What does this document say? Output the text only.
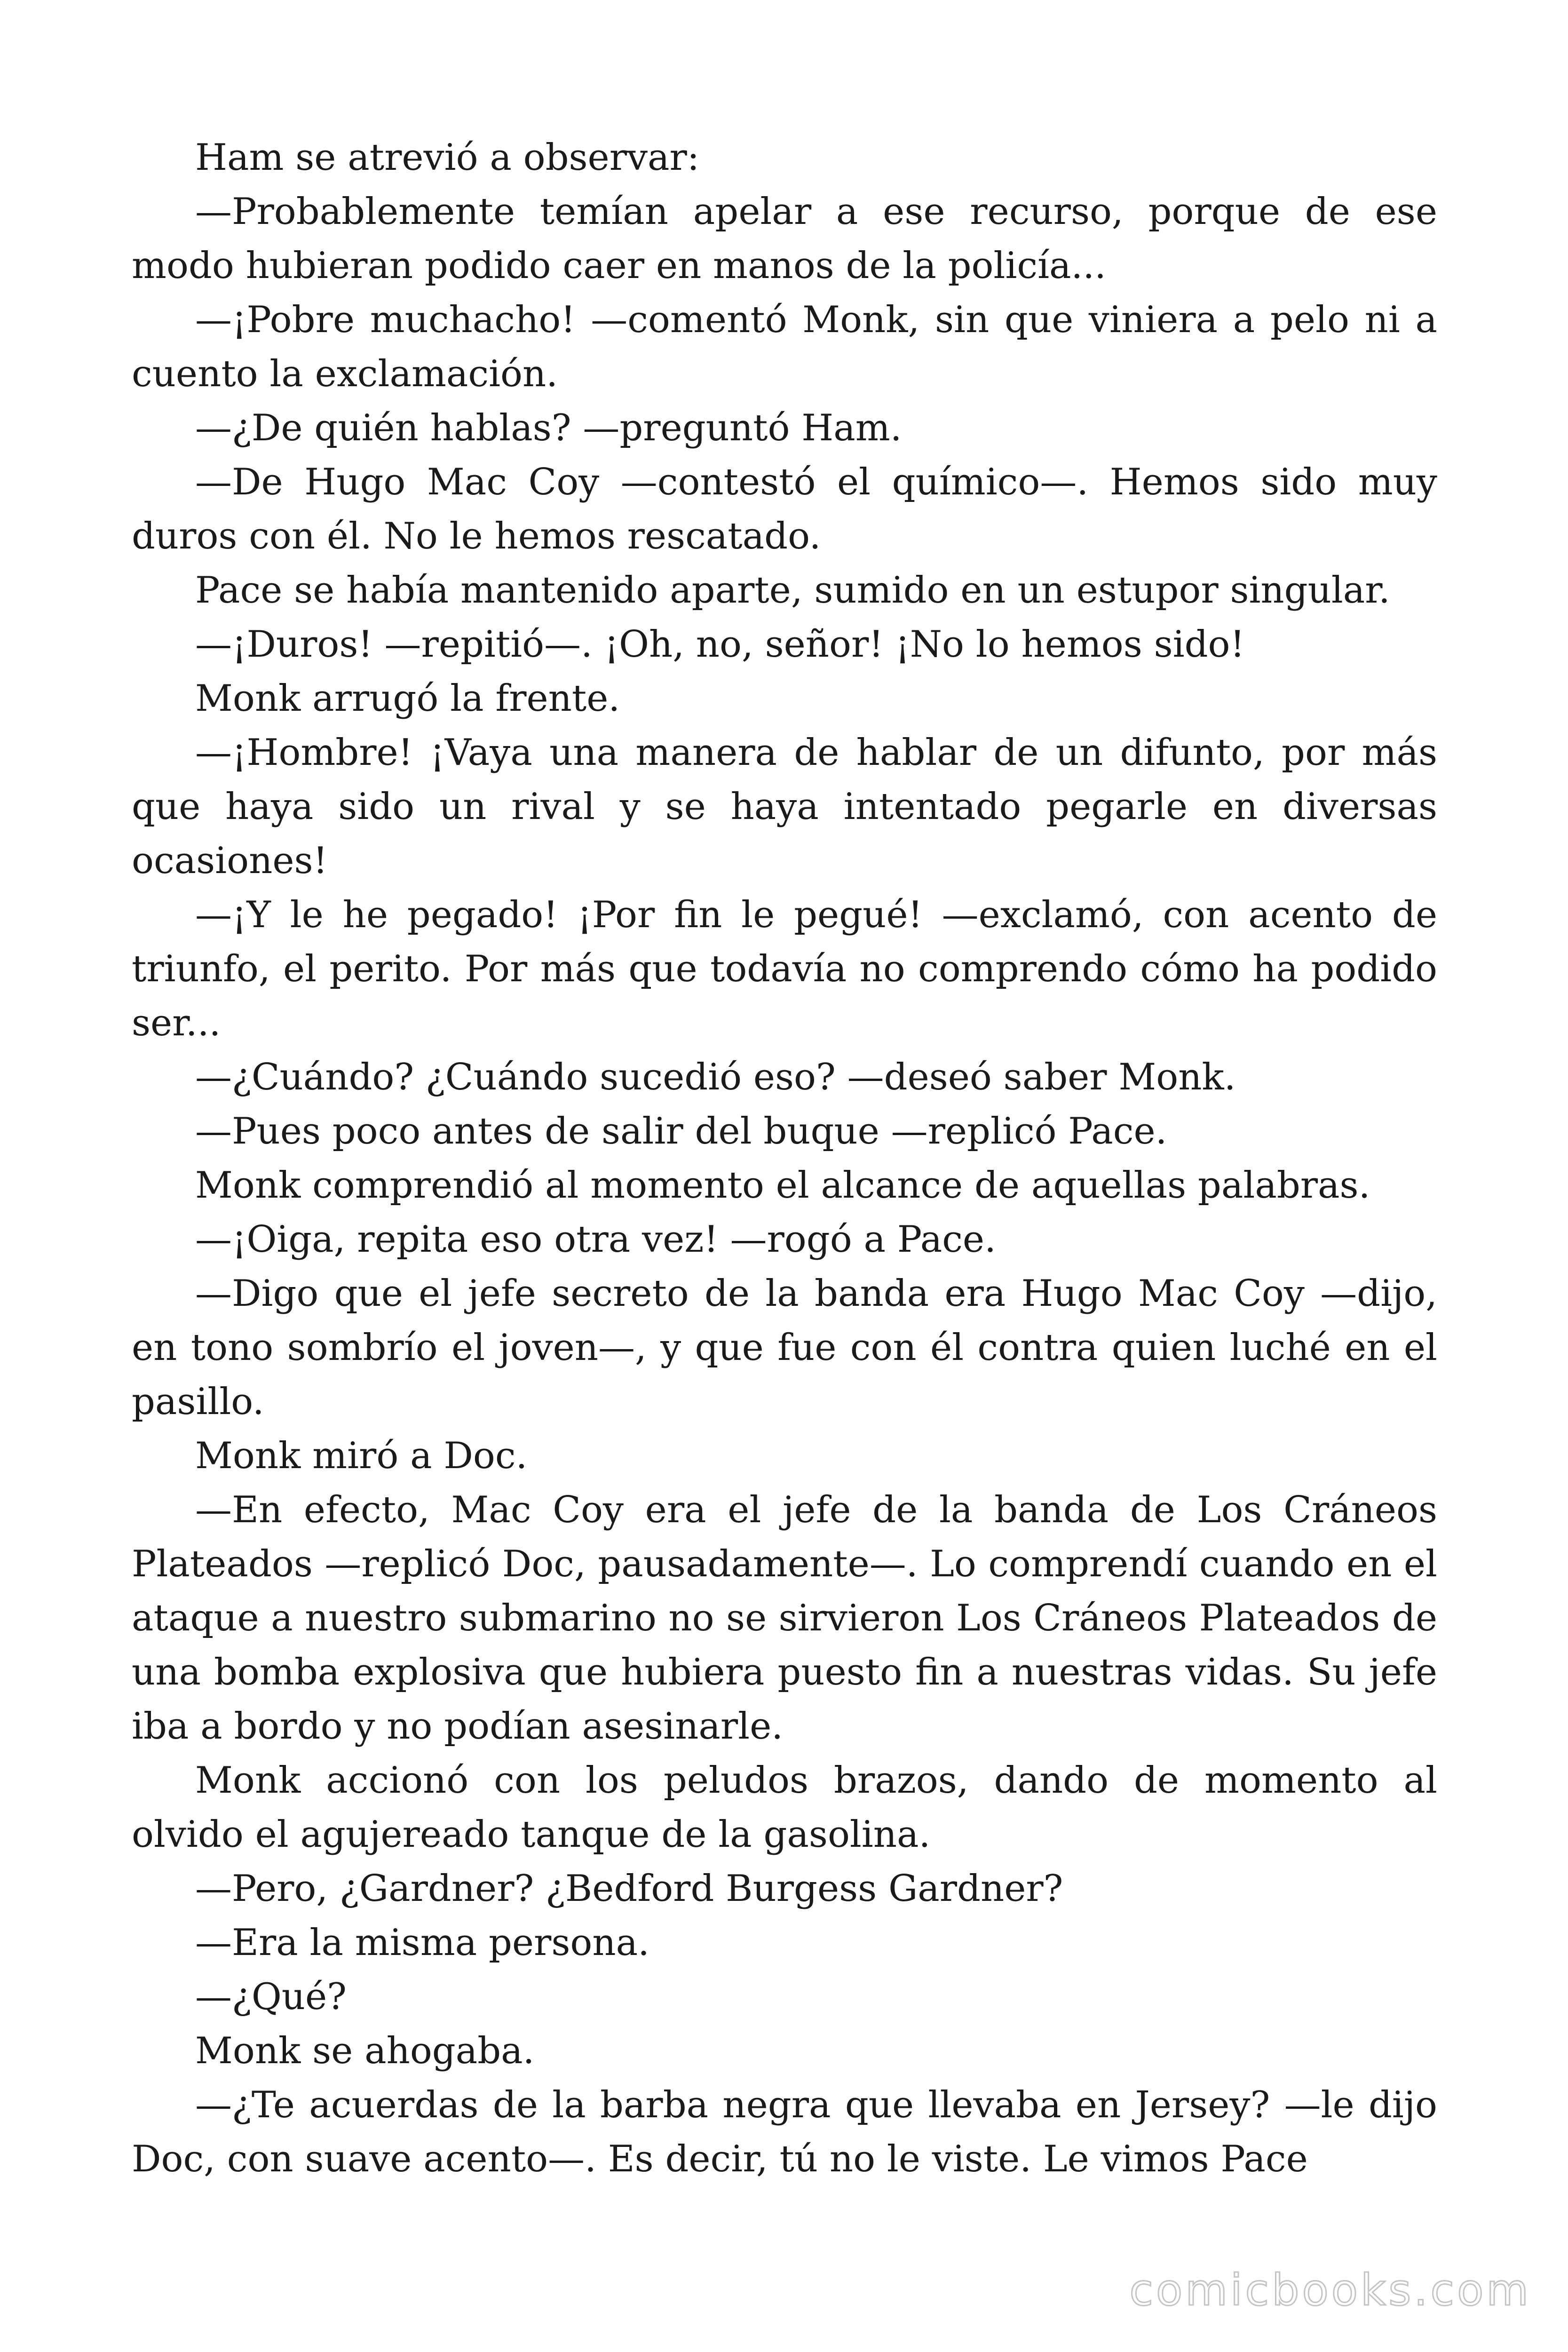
Ham se atrevió a observar:

—Probablemente temían apelar a ese recurso, porque de ese modo hubieran podido caer en manos de la policía...

—¡Pobre muchacho! —comentó Monk, sin que viniera a pelo ni a cuento la exclamación.

—¿De quién hablas? —preguntó Ham.

—De Hugo Mac Coy —contestó el químico—. Hemos sido muy duros con él. No le hemos rescatado.

Pace se había mantenido aparte, sumido en un estupor singular.

—¡Duros! —repitió—. ¡Oh, no, señor! ¡No lo hemos sido!

Monk arrugó la frente.

—¡Hombre! ¡Vaya una manera de hablar de un difunto, por más que haya sido un rival y se haya intentado pegarle en diversas ocasiones!

—¡Y le he pegado! ¡Por fin le pegué! —exclamó, con acento de triunfo, el perito. Por más que todavía no comprendo cómo ha podido ser...

—¿Cuándo? ¿Cuándo sucedió eso? —deseó saber Monk.

—Pues poco antes de salir del buque —replicó Pace.

Monk comprendió al momento el alcance de aquellas palabras.

—¡Oiga, repita eso otra vez! —rogó a Pace.

—Digo que el jefe secreto de la banda era Hugo Mac Coy —dijo, en tono sombrío el joven—, y que fue con él contra quien luché en el pasillo.

Monk miró a Doc.

—En efecto, Mac Coy era el jefe de la banda de Los Cráneos Plateados —replicó Doc, pausadamente—. Lo comprendí cuando en el ataque a nuestro submarino no se sirvieron Los Cráneos Plateados de una bomba explosiva que hubiera puesto fin a nuestras vidas. Su jefe iba a bordo y no podían asesinarle.

Monk accionó con los peludos brazos, dando de momento al olvido el agujereado tanque de la gasolina.

—Pero, ¿Gardner? ¿Bedford Burgess Gardner?

—Era la misma persona.

—¿Qué?

Monk se ahogaba.

—¿Te acuerdas de la barba negra que llevaba en Jersey? —le dijo Doc, con suave acento—. Es decir, tú no le viste. Le vimos Pace

comicbooks.com
